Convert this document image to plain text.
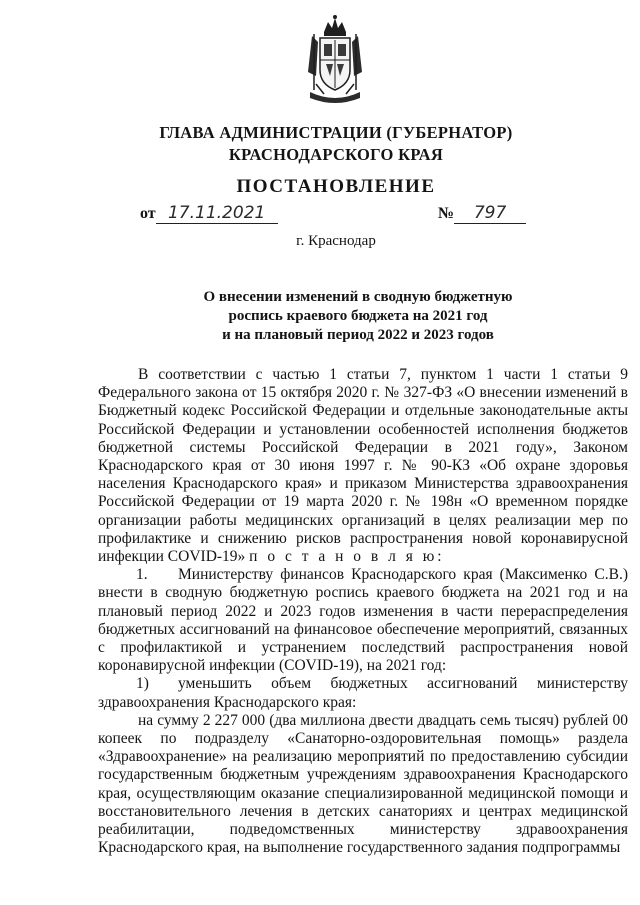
ГЛАВА АДМИНИСТРАЦИИ (ГУБЕРНАТОР)
КРАСНОДАРСКОГО КРАЯ
ПОСТАНОВЛЕНИЕ
от 17.11.2021	№ 797
г. Краснодар
О внесении изменений в сводную бюджетную
роспись краевого бюджета на 2021 год
и на плановый период 2022 и 2023 годов

В соответствии с частью 1 статьи 7, пунктом 1 части 1 статьи 9 Федерального закона от 15 октября 2020 г. № 327-ФЗ «О внесении изменений в Бюджетный кодекс Российской Федерации и отдельные законодательные акты Российской Федерации и установлении особенностей исполнения бюджетов бюджетной системы Российской Федерации в 2021 году», Законом Краснодарского края от 30 июня 1997 г. № 90-КЗ «Об охране здоровья населения Краснодарского края» и приказом Министерства здравоохранения Российской Федерации от 19 марта 2020 г. № 198н «О временном порядке организации работы медицинских организаций в целях реализации мер по профилактике и снижению рисков распространения новой коронавирусной инфекции COVID-19» п о с т а н о в л я ю:

1. Министерству финансов Краснодарского края (Максименко С.В.) внести в сводную бюджетную роспись краевого бюджета на 2021 год и на плановый период 2022 и 2023 годов изменения в части перераспределения бюджетных ассигнований на финансовое обеспечение мероприятий, связанных с профилактикой и устранением последствий распространения новой коронавирусной инфекции (COVID-19), на 2021 год:

1) уменьшить объем бюджетных ассигнований министерству здравоохранения Краснодарского края:

на сумму 2 227 000 (два миллиона двести двадцать семь тысяч) рублей 00 копеек по подразделу «Санаторно-оздоровительная помощь» раздела «Здравоохранение» на реализацию мероприятий по предоставлению субсидии государственным бюджетным учреждениям здравоохранения Краснодарского края, осуществляющим оказание специализированной медицинской помощи и восстановительного лечения в детских санаториях и центрах медицинской реабилитации, подведомственных министерству здравоохранения Краснодарского края, на выполнение государственного задания подпрограммы
